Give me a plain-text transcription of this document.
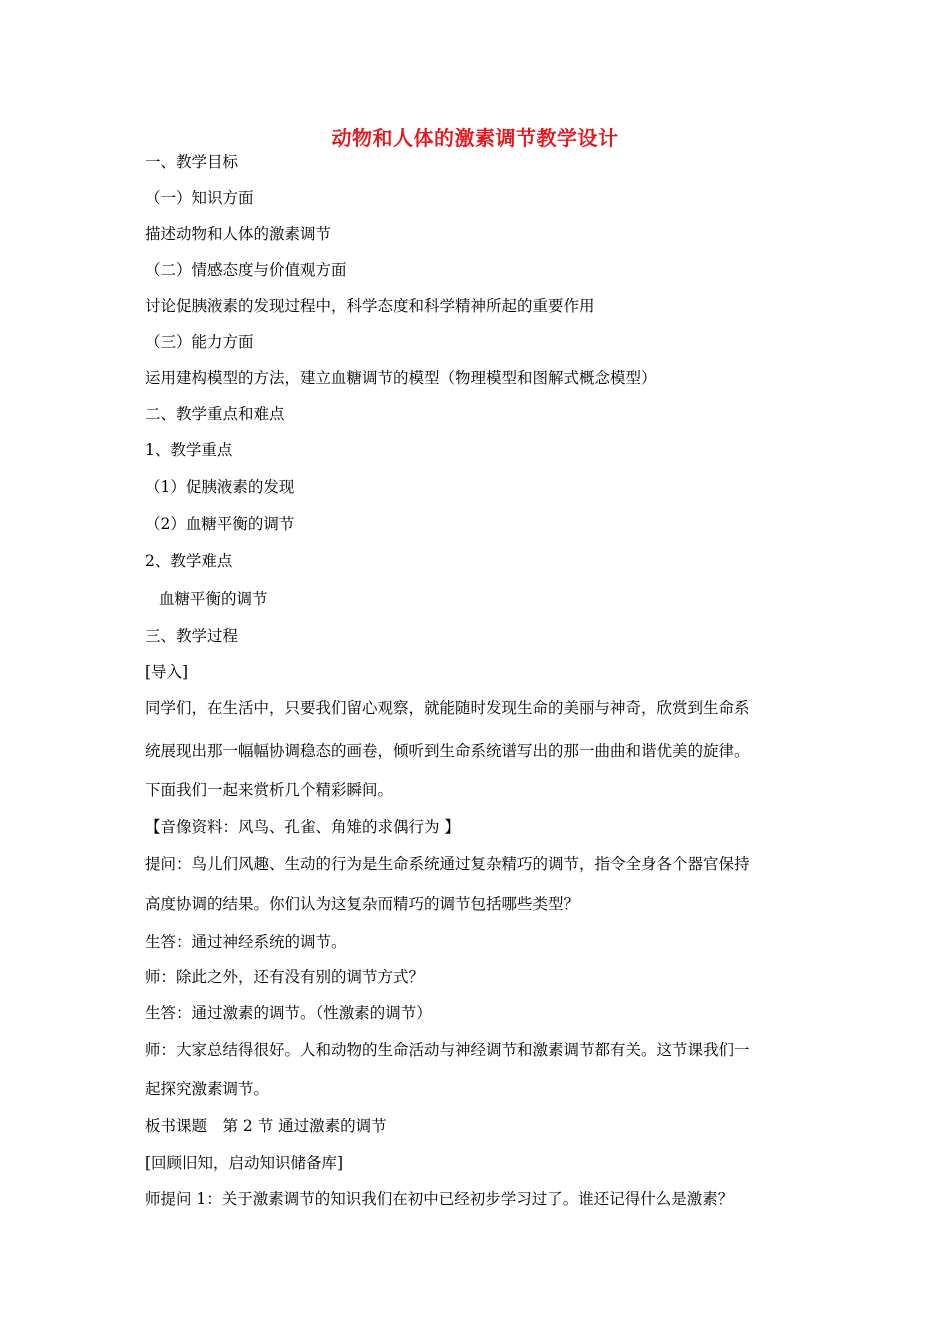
动物和人体的激素调节教学设计
一、教学目标
（一）知识方面
描述动物和人体的激素调节
（二）情感态度与价值观方面
讨论促胰液素的发现过程中，科学态度和科学精神所起的重要作用
（三）能力方面
运用建构模型的方法，建立血糖调节的模型（物理模型和图解式概念模型）
二、教学重点和难点
1、教学重点
（1）促胰液素的发现
（2）血糖平衡的调节
2、教学难点
血糖平衡的调节
三、教学过程
[导入]
同学们，在生活中，只要我们留心观察，就能随时发现生命的美丽与神奇，欣赏到生命系
统展现出那一幅幅协调稳态的画卷，倾听到生命系统谱写出的那一曲曲和谐优美的旋律。
下面我们一起来赏析几个精彩瞬间。
【音像资料：风鸟、孔雀、角雉的求偶行为 】
提问：鸟儿们风趣、生动的行为是生命系统通过复杂精巧的调节，指令全身各个器官保持
高度协调的结果。你们认为这复杂而精巧的调节包括哪些类型？
生答：通过神经系统的调节。
师：除此之外，还有没有别的调节方式？
生答：通过激素的调节。（性激素的调节）
师：大家总结得很好。人和动物的生命活动与神经调节和激素调节都有关。这节课我们一
起探究激素调节。
板书课题　第 2 节 通过激素的调节
[回顾旧知，启动知识储备库]
师提问 1：关于激素调节的知识我们在初中已经初步学习过了。谁还记得什么是激素？
